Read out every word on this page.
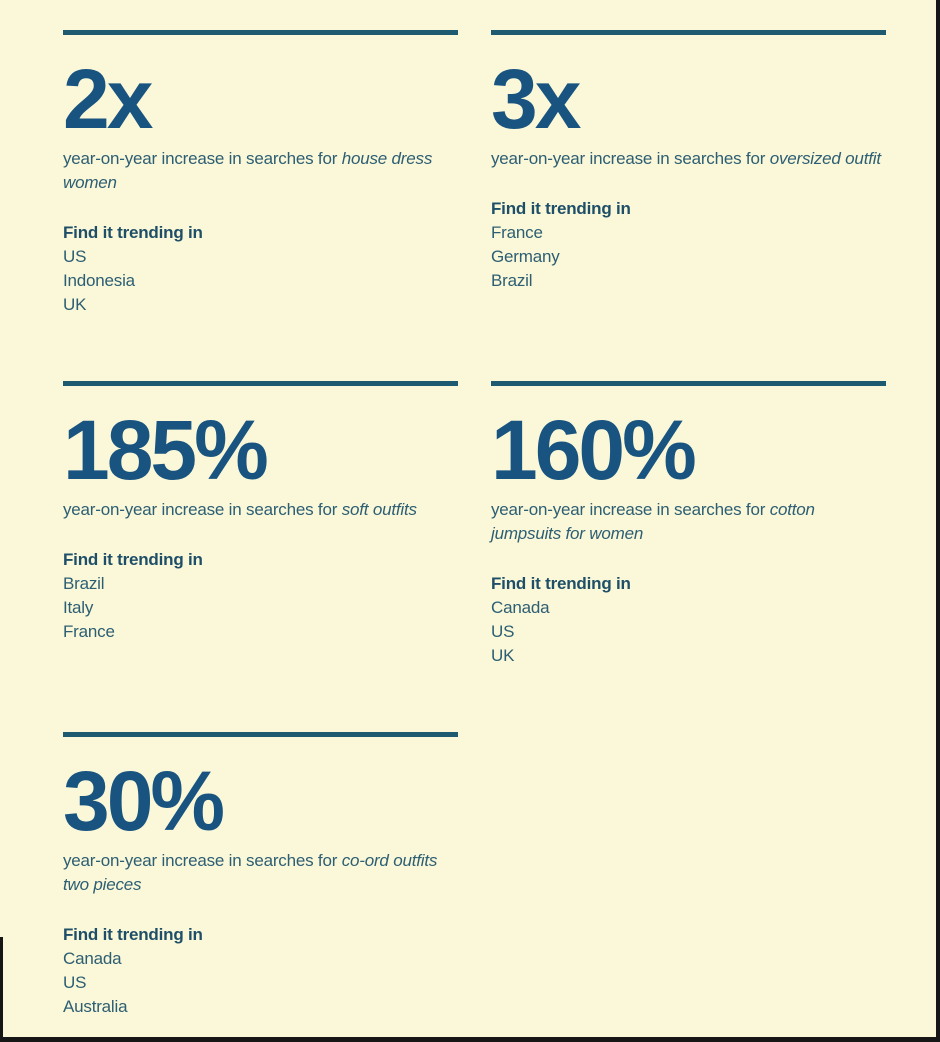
2x

year-on-year increase in searches for house dress women

Find it trending in
US
Indonesia
UK
3x

year-on-year increase in searches for oversized outfit

Find it trending in
France
Germany
Brazil
185%

year-on-year increase in searches for soft outfits

Find it trending in
Brazil
Italy
France
160%

year-on-year increase in searches for cotton jumpsuits for women

Find it trending in
Canada
US
UK
30%

year-on-year increase in searches for co-ord outfits two pieces

Find it trending in
Canada
US
Australia
